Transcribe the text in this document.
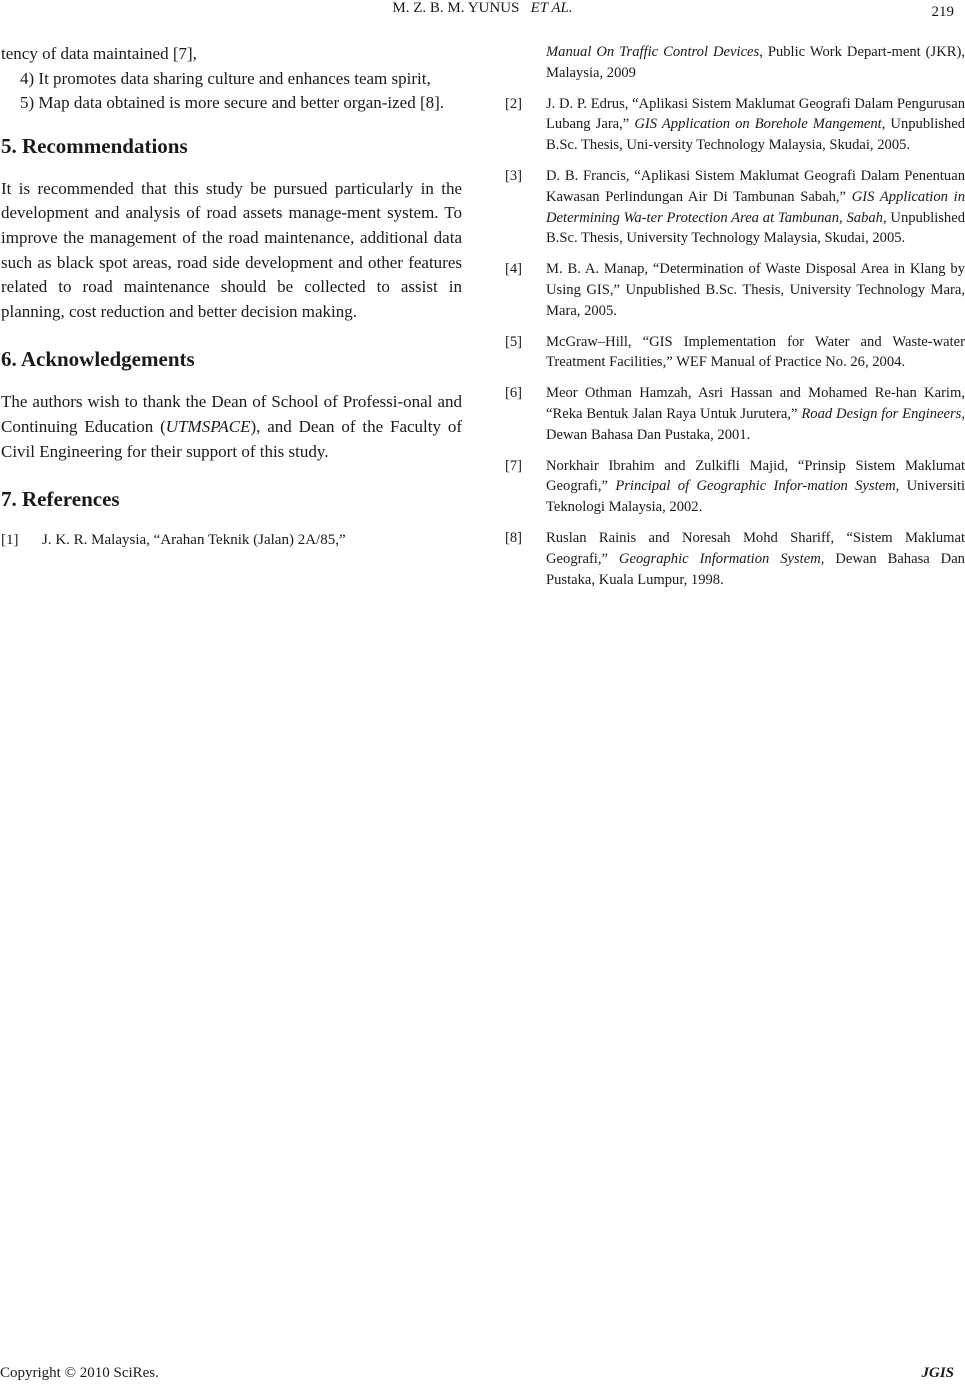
M. Z. B. M. YUNUS ET AL.	219

tency of data maintained [7],

4) It promotes data sharing culture and enhances team spirit,

5) Map data obtained is more secure and better organ-ized [8].

5. Recommendations

It is recommended that this study be pursued particularly in the development and analysis of road assets manage-ment system. To improve the management of the road maintenance, additional data such as black spot areas, road side development and other features related to road maintenance should be collected to assist in planning, cost reduction and better decision making.

6. Acknowledgements

The authors wish to thank the Dean of School of Professi-onal and Continuing Education (UTMSPACE), and Dean of the Faculty of Civil Engineering for their support of this study.

7. References
[1]	J. K. R. Malaysia, “Arahan Teknik (Jalan) 2A/85,”

Manual On Traffic Control Devices, Public Work Depart-ment (JKR), Malaysia, 2009

[2]	J. D. P. Edrus, “Aplikasi Sistem Maklumat Geografi Dalam Pengurusan Lubang Jara,” GIS Application on Borehole Mangement, Unpublished B.Sc. Thesis, Uni-versity Technology Malaysia, Skudai, 2005.
[3]	D. B. Francis, “Aplikasi Sistem Maklumat Geografi Dalam Penentuan Kawasan Perlindungan Air Di Tambunan Sabah,” GIS Application in Determining Wa-ter Protection Area at Tambunan, Sabah, Unpublished B.Sc. Thesis, University Technology Malaysia, Skudai, 2005.
[4]	M. B. A. Manap, “Determination of Waste Disposal Area in Klang by Using GIS,” Unpublished B.Sc. Thesis, University Technology Mara, Mara, 2005.
[5]	McGraw–Hill, “GIS Implementation for Water and Waste-water Treatment Facilities,” WEF Manual of Practice No. 26, 2004.
[6]	Meor Othman Hamzah, Asri Hassan and Mohamed Re-han Karim, “Reka Bentuk Jalan Raya Untuk Jurutera,” Road Design for Engineers, Dewan Bahasa Dan Pustaka, 2001.
[7]	Norkhair Ibrahim and Zulkifli Majid, “Prinsip Sistem Maklumat Geografi,” Principal of Geographic Infor-mation System, Universiti Teknologi Malaysia, 2002.
[8]	Ruslan Rainis and Noresah Mohd Shariff, “Sistem Maklumat Geografi,” Geographic Information System, Dewan Bahasa Dan Pustaka, Kuala Lumpur, 1998.
Copyright © 2010 SciRes.	JGIS
